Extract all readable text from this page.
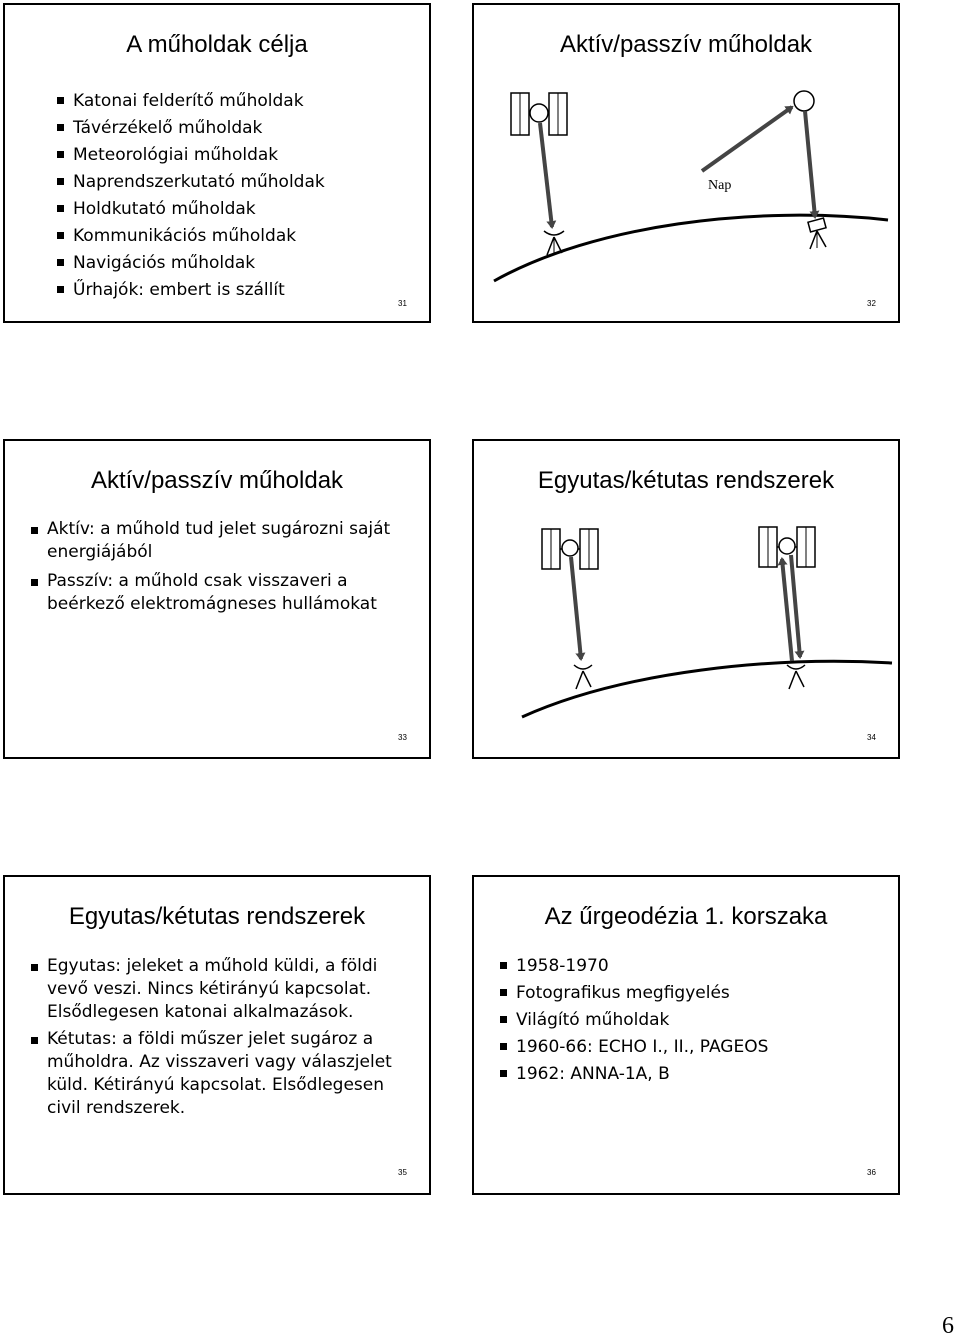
A műholdak célja
Katonai felderítő műholdak
Távérzékelő műholdak
Meteorológiai műholdak
Naprendszerkutató műholdak
Holdkutató műholdak
Kommunikációs műholdak
Navigációs műholdak
Űrhajók: embert is szállít
31
Aktív/passzív műholdak
Nap
32
Aktív/passzív műholdak
Aktív: a műhold tud jelet sugározni saját energiájából
Passzív: a műhold csak visszaveri a beérkező elektromágneses hullámokat
33
Egyutas/kétutas rendszerek
34
Egyutas/kétutas rendszerek
Egyutas: jeleket a műhold küldi, a földi vevő veszi. Nincs kétirányú kapcsolat. Elsődlegesen katonai alkalmazások.
Kétutas: a földi műszer jelet sugároz a műholdra. Az visszaveri vagy válaszjelet küld. Kétirányú kapcsolat. Elsődlegesen civil rendszerek.
35
Az űrgeodézia 1. korszaka
1958-1970
Fotografikus megfigyelés
Világító műholdak
1960-66: ECHO I., II., PAGEOS
1962: ANNA-1A, B
36
6
